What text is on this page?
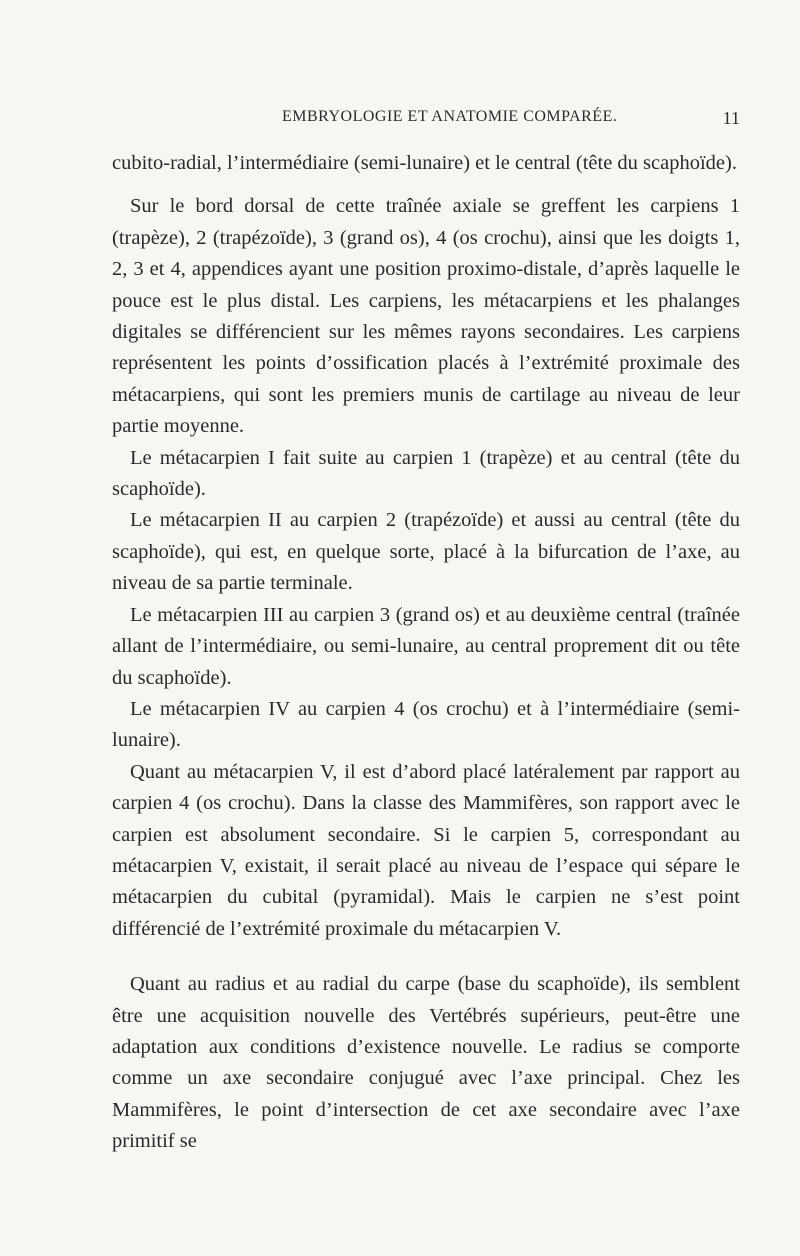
EMBRYOLOGIE ET ANATOMIE COMPARÉE.	11

cubito-radial, l’intermédiaire (semi-lunaire) et le central (tête du scaphoïde).

Sur le bord dorsal de cette traînée axiale se greffent les carpiens 1 (trapèze), 2 (trapézoïde), 3 (grand os), 4 (os crochu), ainsi que les doigts 1, 2, 3 et 4, appendices ayant une position proximo-distale, d’après laquelle le pouce est le plus distal. Les carpiens, les métacarpiens et les phalanges digitales se différencient sur les mêmes rayons secondaires. Les carpiens représentent les points d’ossification placés à l’extrémité proximale des métacarpiens, qui sont les premiers munis de cartilage au niveau de leur partie moyenne.

Le métacarpien I fait suite au carpien 1 (trapèze) et au central (tête du scaphoïde).

Le métacarpien II au carpien 2 (trapézoïde) et aussi au central (tête du scaphoïde), qui est, en quelque sorte, placé à la bifurcation de l’axe, au niveau de sa partie terminale.

Le métacarpien III au carpien 3 (grand os) et au deuxième central (traînée allant de l’intermédiaire, ou semi-lunaire, au central proprement dit ou tête du scaphoïde).

Le métacarpien IV au carpien 4 (os crochu) et à l’intermédiaire (semi-lunaire).

Quant au métacarpien V, il est d’abord placé latéralement par rapport au carpien 4 (os crochu). Dans la classe des Mammifères, son rapport avec le carpien est absolument secondaire. Si le carpien 5, correspondant au métacarpien V, existait, il serait placé au niveau de l’espace qui sépare le métacarpien du cubital (pyramidal). Mais le carpien ne s’est point différencié de l’extrémité proximale du métacarpien V.

Quant au radius et au radial du carpe (base du scaphoïde), ils semblent être une acquisition nouvelle des Vertébrés supérieurs, peut-être une adaptation aux conditions d’existence nouvelle. Le radius se comporte comme un axe secondaire conjugué avec l’axe principal. Chez les Mammifères, le point d’intersection de cet axe secondaire avec l’axe primitif se
